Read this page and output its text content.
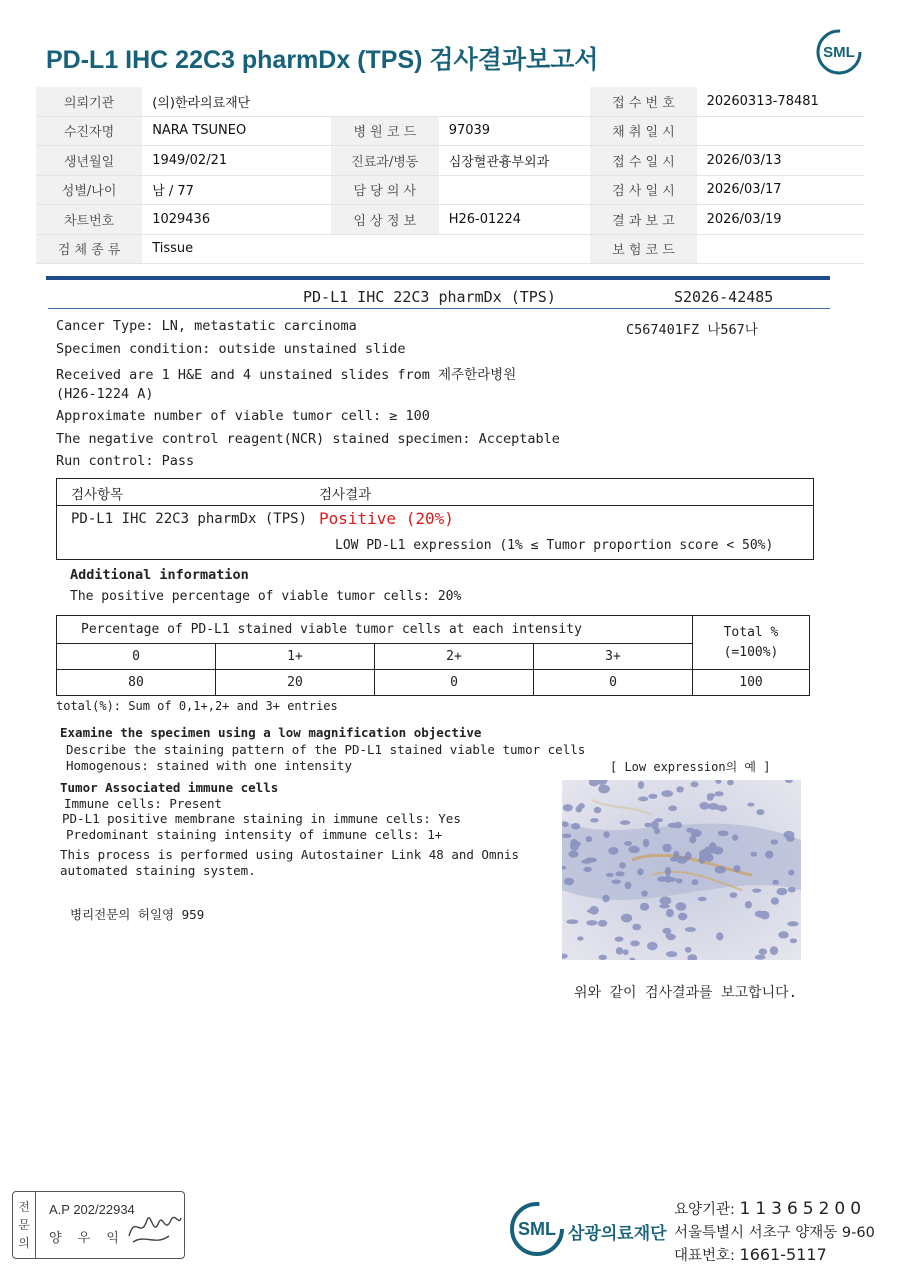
PD-L1 IHC 22C3 pharmDx (TPS) 검사결과보고서	SML
의뢰기관	(의)한라의료재단			접 수 번 호	20260313-78481
수진자명	NARA TSUNEO	병 원 코 드	97039	채 취 일 시	
생년월일	1949/02/21	진료과/병동	심장혈관흉부외과	접 수 일 시	2026/03/13
성별/나이	남 / 77	담 당 의 사		검 사 일 시	2026/03/17
차트번호	1029436	임 상 정 보	H26-01224	결 과 보 고	2026/03/19
검 체 종 류	Tissue			보 험 코 드	
PD-L1 IHC 22C3 pharmDx (TPS)	S2026-42485
C567401FZ 나567나
Cancer Type: LN, metastatic carcinoma
Specimen condition: outside unstained slide
Received are 1 H&E and 4 unstained slides from 제주한라병원
(H26-1224 A)
Approximate number of viable tumor cell: ≥ 100
The negative control reagent(NCR) stained specimen: Acceptable
Run control: Pass
검사항목	검사결과
PD-L1 IHC 22C3 pharmDx (TPS) Positive (20%)
LOW PD-L1 expression (1% ≤ Tumor proportion score < 50%)
Additional information
The positive percentage of viable tumor cells: 20%
Percentage of PD-L1 stained viable tumor cells at each intensity				Total %
(=100%)

0	1+	2+	3+	
80	20	0	0	100
total(%): Sum of 0,1+,2+ and 3+ entries
Examine the specimen using a low magnification objective
Describe the staining pattern of the PD-L1 stained viable tumor cells
Homogenous: stained with one intensity
Tumor Associated immune cells
Immune cells: Present
PD-L1 positive membrane staining in immune cells: Yes
Predominant staining intensity of immune cells: 1+
This process is performed using Autostainer Link 48 and Omnis
automated staining system.
병리전문의 허일영 959
[ Low expression의 예 ]
위와 같이 검사결과를 보고합니다.
전
문
의
A.P 202/22934
양 우 익	SML 삼광의료재단
요양기관: 11365200
서울특별시 서초구 양재동 9-60
대표번호: 1661-5117
